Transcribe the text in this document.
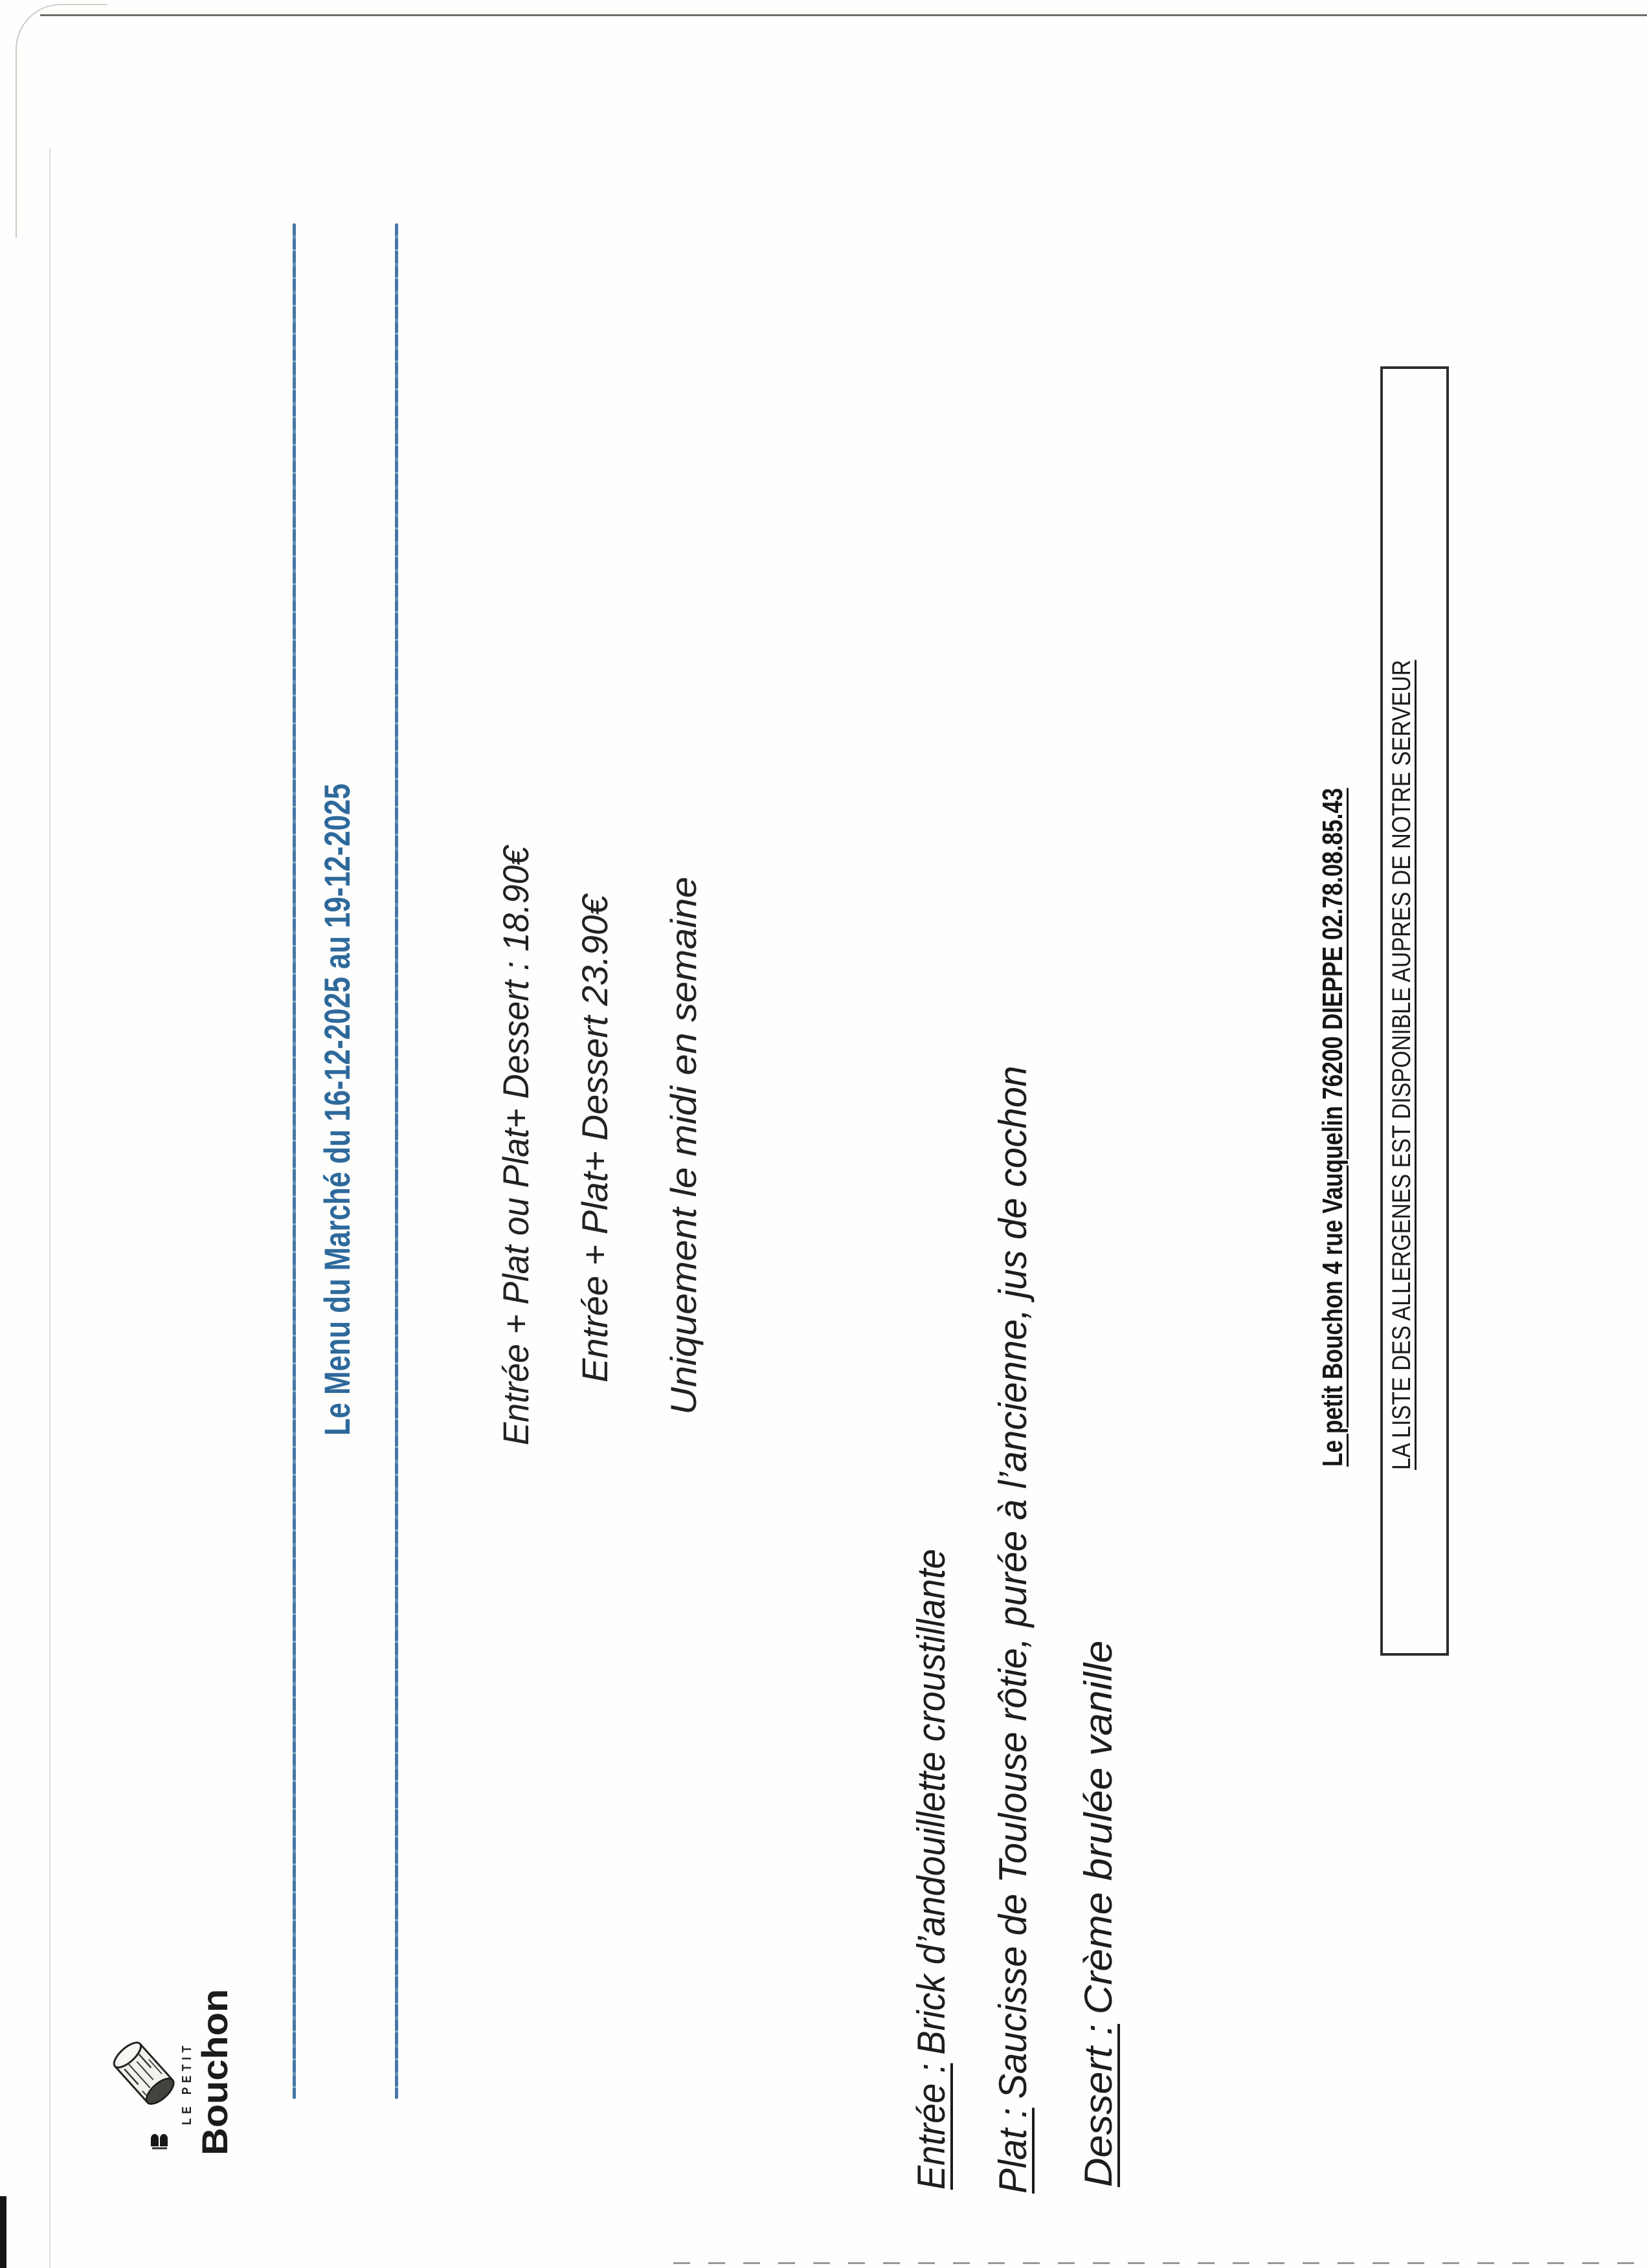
Le Menu du Marché du 16-12-2025 au 19-12-2025	Entrée + Plat ou Plat+ Dessert : 18.90€ Entrée + Plat+ Dessert 23.90€ Uniquement le midi en semaine
Entrée :Brick d’andouillette croustillante
Plat :Saucisse de Toulouse rôtie, purée à l’ancienne, jus de cochon
Dessert :Crème brulée vanille
Le petit Bouchon 4 rue Vauquelin 76200 DIEPPE 02.78.08.85.43 LA LISTE DES ALLERGENES EST DISPONIBLE AUPRES DE NOTRE SERVEUR
LE PETIT Bouchon
